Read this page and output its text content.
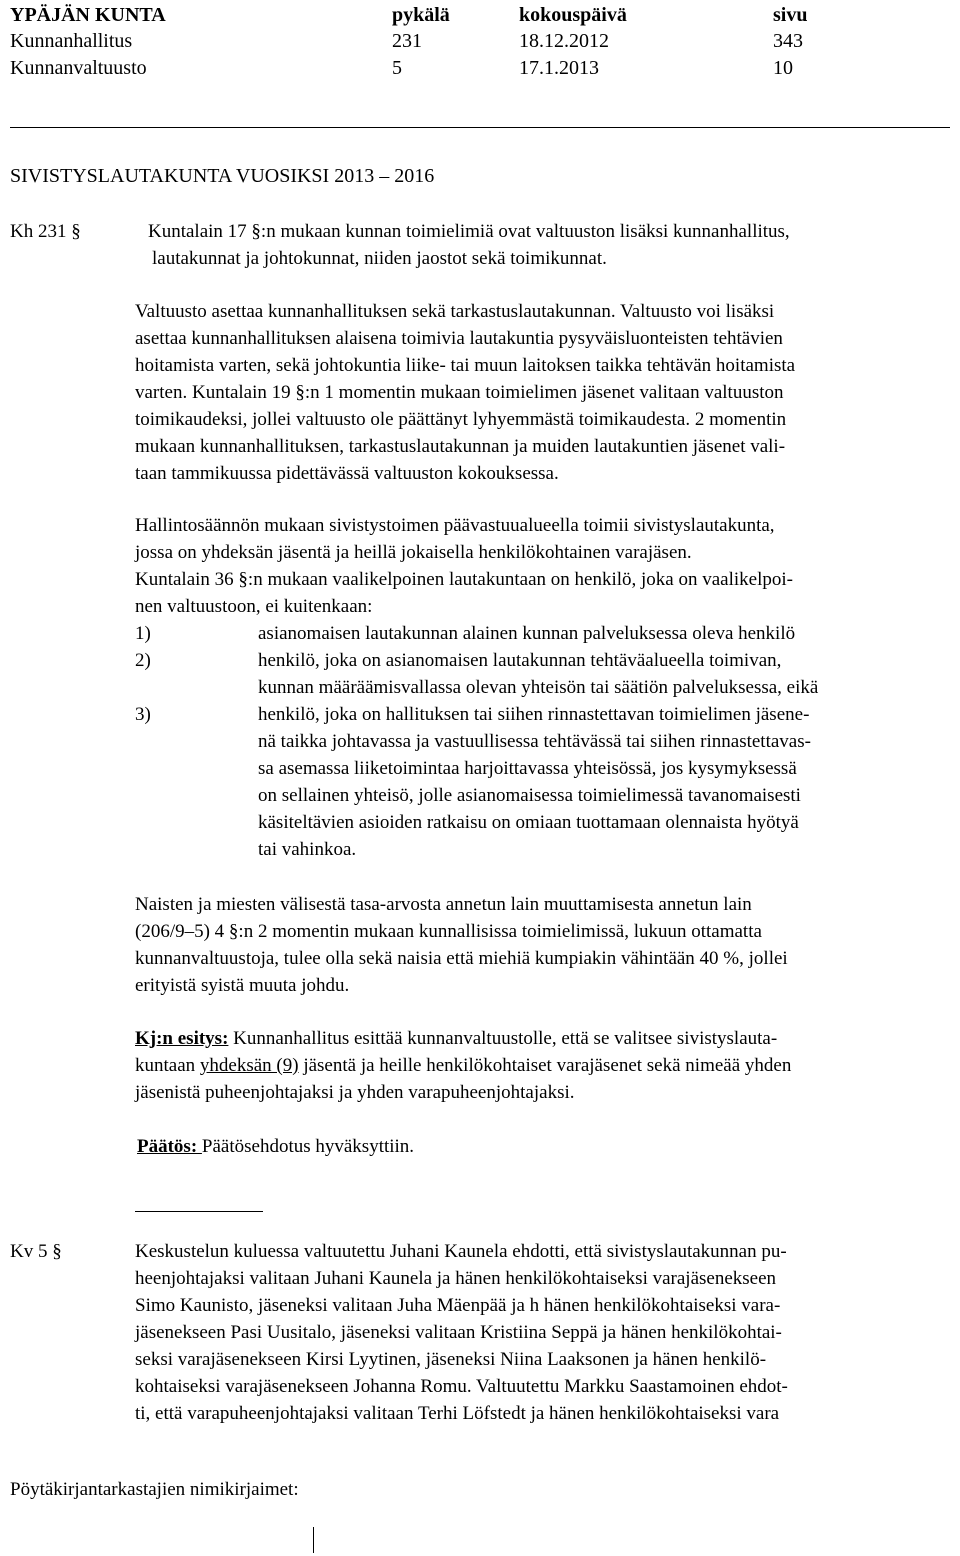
YPÄJÄN KUNTA	pykälä	kokouspäivä	sivu
Kunnanhallitus	231	18.12.2012	343
Kunnanvaltuusto	5	17.1.2013	10
SIVISTYSLAUTAKUNTA VUOSIKSI 2013 – 2016
Kh 231 §	Kuntalain 17 §:n mukaan kunnan toimielimiä ovat valtuuston lisäksi kunnanhallitus,
lautakunnat ja johtokunnat, niiden jaostot sekä toimikunnat.
Valtuusto asettaa kunnanhallituksen sekä tarkastuslautakunnan. Valtuusto voi lisäksi
asettaa kunnanhallituksen alaisena toimivia lautakuntia pysyväisluonteisten tehtävien
hoitamista varten, sekä johtokuntia liike- tai muun laitoksen taikka tehtävän hoitamista
varten. Kuntalain 19 §:n 1 momentin mukaan toimielimen jäsenet valitaan valtuuston
toimikaudeksi, jollei valtuusto ole päättänyt lyhyemmästä toimikaudesta. 2 momentin
mukaan kunnanhallituksen, tarkastuslautakunnan ja muiden lautakuntien jäsenet vali-
taan tammikuussa pidettävässä valtuuston kokouksessa.
Hallintosäännön mukaan sivistystoimen päävastuualueella toimii sivistyslautakunta,
jossa on yhdeksän jäsentä ja heillä jokaisella henkilökohtainen varajäsen.
Kuntalain 36 §:n mukaan vaalikelpoinen lautakuntaan on henkilö, joka on vaalikelpoi-
nen valtuustoon, ei kuitenkaan:
1)	asianomaisen lautakunnan alainen kunnan palveluksessa oleva henkilö
2)	henkilö, joka on asianomaisen lautakunnan tehtäväalueella toimivan,
kunnan määräämisvallassa olevan yhteisön tai säätiön palveluksessa, eikä
3)	henkilö, joka on hallituksen tai siihen rinnastettavan toimielimen jäsene-
nä taikka johtavassa ja vastuullisessa tehtävässä tai siihen rinnastettavas-
sa asemassa liiketoimintaa harjoittavassa yhteisössä, jos kysymyksessä
on sellainen yhteisö, jolle asianomaisessa toimielimessä tavanomaisesti
käsiteltävien asioiden ratkaisu on omiaan tuottamaan olennaista hyötyä
tai vahinkoa.
Naisten ja miesten välisestä tasa-arvosta annetun lain muuttamisesta annetun lain
(206/9–5) 4 §:n 2 momentin mukaan kunnallisissa toimielimissä, lukuun ottamatta
kunnanvaltuustoja, tulee olla sekä naisia että miehiä kumpiakin vähintään 40 %, jollei
erityistä syistä muuta johdu.
Kj:n esitys: Kunnanhallitus esittää kunnanvaltuustolle, että se valitsee sivistyslauta-
kuntaan yhdeksän (9) jäsentä ja heille henkilökohtaiset varajäsenet sekä nimeää yhden
jäsenistä puheenjohtajaksi ja yhden varapuheenjohtajaksi.
Päätös: Päätösehdotus hyväksyttiin.
Kv 5 §	Keskustelun kuluessa valtuutettu Juhani Kaunela ehdotti, että sivistyslautakunnan pu-
heenjohtajaksi valitaan Juhani Kaunela ja hänen henkilökohtaiseksi varajäsenekseen
Simo Kaunisto, jäseneksi valitaan Juha Mäenpää ja h hänen henkilökohtaiseksi vara-
jäsenekseen Pasi Uusitalo, jäseneksi valitaan Kristiina Seppä ja hänen henkilökohtai-
seksi varajäsenekseen Kirsi Lyytinen, jäseneksi Niina Laaksonen ja hänen henkilö-
kohtaiseksi varajäsenekseen Johanna Romu. Valtuutettu Markku Saastamoinen ehdot-
ti, että varapuheenjohtajaksi valitaan Terhi Löfstedt ja hänen henkilökohtaiseksi vara
Pöytäkirjantarkastajien nimikirjaimet:
